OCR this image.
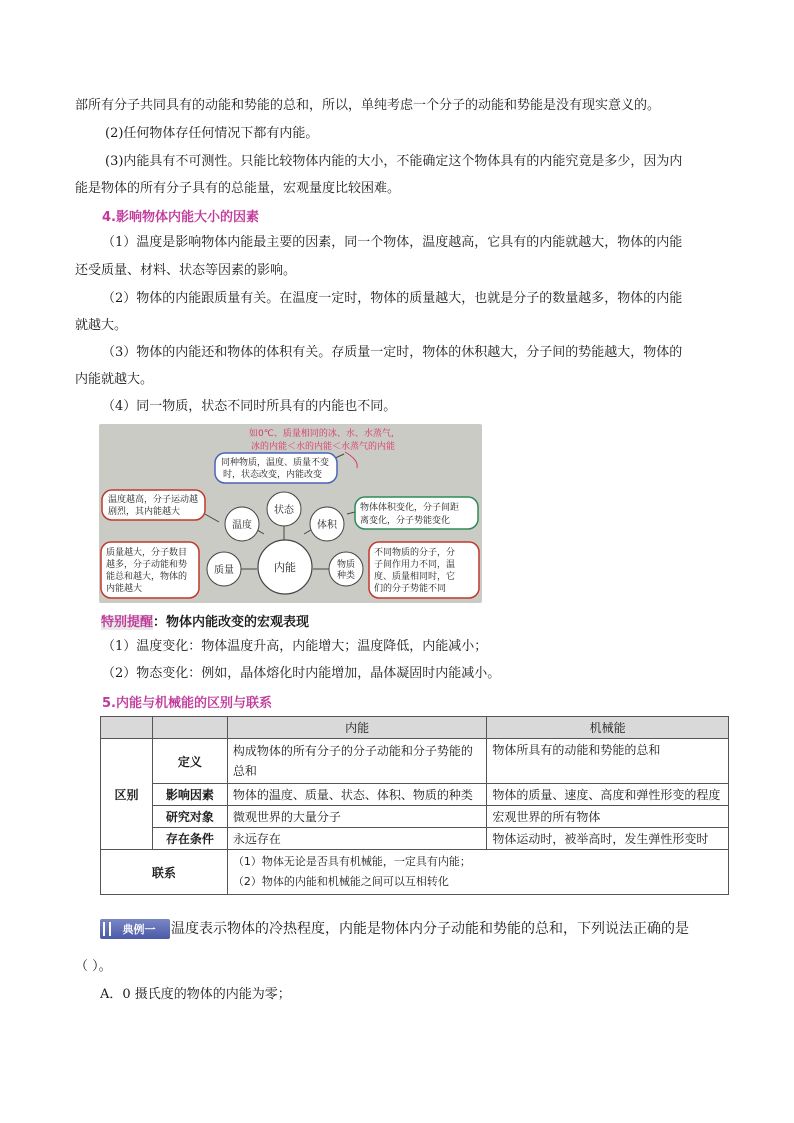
部所有分子共同具有的动能和势能的总和，所以，单纯考虑一个分子的动能和势能是没有现实意义的。
(2)任何物体存任何情况下都有内能。
(3)内能具有不可测性。只能比较物体内能的大小，不能确定这个物体具有的内能究竟是多少，因为内
能是物体的所有分子具有的总能量，宏观量度比较困难。
4.影响物体内能大小的因素
（1）温度是影响物体内能最主要的因素，同一个物体，温度越高，它具有的内能就越大，物体的内能
还受质量、材料、状态等因素的影响。
（2）物体的内能跟质量有关。在温度一定时，物体的质量越大，也就是分子的数量越多，物体的内能
就越大。
（3）物体的内能还和物体的体积有关。存质量一定时，物体的休积越大，分子间的势能越大，物体的
内能就越大。
（4）同一物质，状态不同时所具有的内能也不同。
如0℃、质量相同的冰、水、水蒸气，
冰的内能＜水的内能＜水蒸气的内能
同种物质，温度、质量不变
时，状态改变，内能改变
温度越高，分子运动越
剧烈，其内能越大	物体体积变化，分子间距
离变化，分子势能变化
质量越大，分子数目
越多，分子动能和势
能总和越大，物体的
内能越大
不同物质的分子，分
子间作用力不同，温
度、质量相同时，它
们的分子势能不同
状态
温度	体积
质量	内能	物质
种类
特别提醒：物体内能改变的宏观表现
（1）温度变化：物体温度升高，内能增大；温度降低，内能减小；
（2）物态变化：例如，晶体熔化时内能增加，晶体凝固时内能减小。
5.内能与机械能的区别与联系
		内能	机械能
区别	定义	构成物体的所有分子的分子动能和分子势能的总和	物体所具有的动能和势能的总和
	影响因素	物体的温度、质量、状态、体积、物质的种类	物体的质量、速度、高度和弹性形变的程度
	研究对象	微观世界的大量分子	宏观世界的所有物体
	存在条件	永远存在	物体运动时，被举高时，发生弹性形变时
联系		（1）物体无论是否具有机械能，一定具有内能；
（2）物体的内能和机械能之间可以互相转化	
典例一 温度表示物体的冷热程度，内能是物体内分子动能和势能的总和，下列说法正确的是
（ ）。
A．0 摄氏度的物体的内能为零；
